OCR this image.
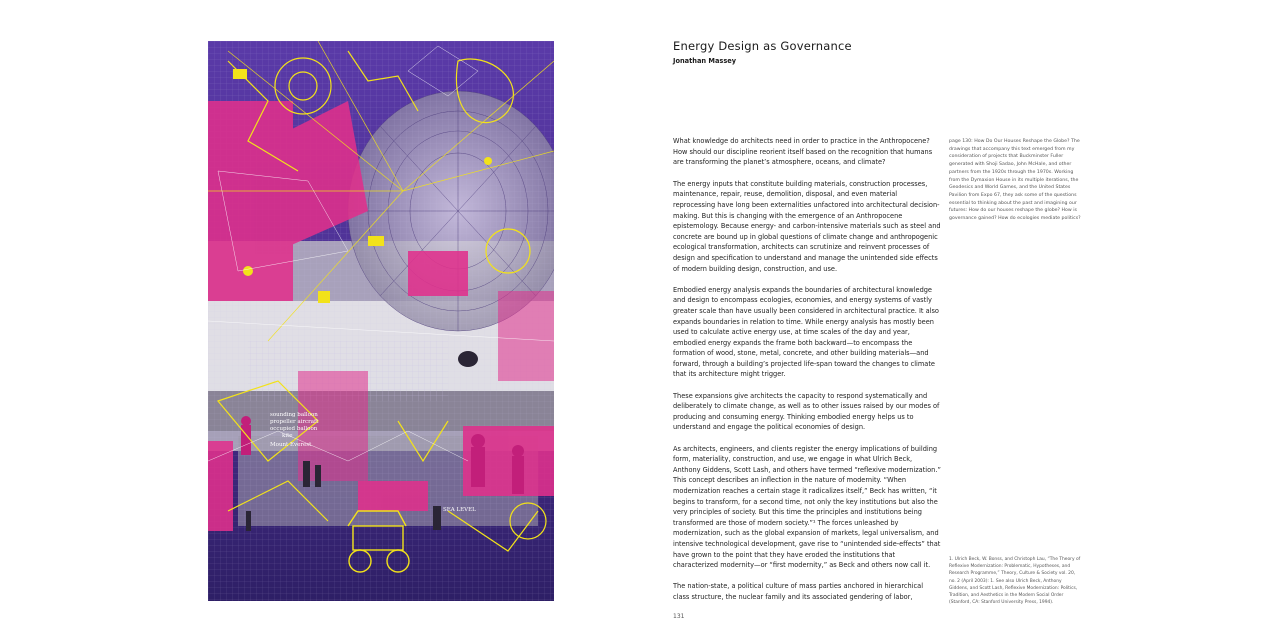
sounding balloon
propeller aircraft
occupied balloon
kite
Mount Everest
SEA LEVEL
Energy Design as Governance
Jonathan Massey

What knowledge do architects need in order to practice in the Anthropocene? How should our discipline reorient itself based on the recognition that humans are transforming the planet’s atmosphere, oceans, and climate?

The energy inputs that constitute building materials, construction processes, maintenance, repair, reuse, demolition, disposal, and even material reprocessing have long been externalities unfactored into architectural decision-making. But this is changing with the emergence of an Anthropocene epistemology. Because energy- and carbon-intensive materials such as steel and concrete are bound up in global questions of climate change and anthropogenic ecological transformation, architects can scrutinize and reinvent processes of design and specification to understand and manage the unintended side effects of modern building design, construction, and use.

Embodied energy analysis expands the boundaries of architectural knowledge and design to encompass ecologies, economies, and energy systems of vastly greater scale than have usually been considered in architectural practice. It also expands boundaries in relation to time. While energy analysis has mostly been used to calculate active energy use, at time scales of the day and year, embodied energy expands the frame both backward—to encompass the formation of wood, stone, metal, concrete, and other building materials—and forward, through a building’s projected life-span toward the changes to climate that its architecture might trigger.

These expansions give architects the capacity to respond systematically and deliberately to climate change, as well as to other issues raised by our modes of producing and consuming energy. Thinking embodied energy helps us to understand and engage the political economies of design.

As architects, engineers, and clients register the energy implications of building form, materiality, construction, and use, we engage in what Ulrich Beck, Anthony Giddens, Scott Lash, and others have termed “reflexive modernization.” This concept describes an inflection in the nature of modernity. “When modernization reaches a certain stage it radicalizes itself,” Beck has written, “it begins to transform, for a second time, not only the key institutions but also the very principles of society. But this time the principles and institutions being transformed are those of modern society.”¹ The forces unleashed by modernization, such as the global expansion of markets, legal universalism, and intensive technological development, gave rise to “unintended side-effects” that have grown to the point that they have eroded the institutions that characterized modernity—or “first modernity,” as Beck and others now call it.

The nation-state, a political culture of mass parties anchored in hierarchical class structure, the nuclear family and its associated gendering of labor,

page 130: How Do Our Houses Reshape the Globe? The drawings that accompany this text emerged from my consideration of projects that Buckminster Fuller generated with Shoji Sadao, John McHale, and other partners from the 1920s through the 1970s. Working from the Dymaxion House in its multiple iterations, the Geodesics and World Games, and the United States Pavilion from Expo 67, they ask some of the questions essential to thinking about the past and imagining our futures: How do our houses reshape the globe? How is governance gained? How do ecologies mediate politics?
1. Ulrich Beck, W. Bonss, and Christoph Lau, “The Theory of Reflexive Modernization: Problematic, Hypotheses, and Research Programme,” Theory, Culture & Society vol. 20, no. 2 (April 2003): 1. See also Ulrich Beck, Anthony Giddens, and Scott Lash, Reflexive Modernization: Politics, Tradition, and Aesthetics in the Modern Social Order (Stanford, CA: Stanford University Press, 1994).
131
